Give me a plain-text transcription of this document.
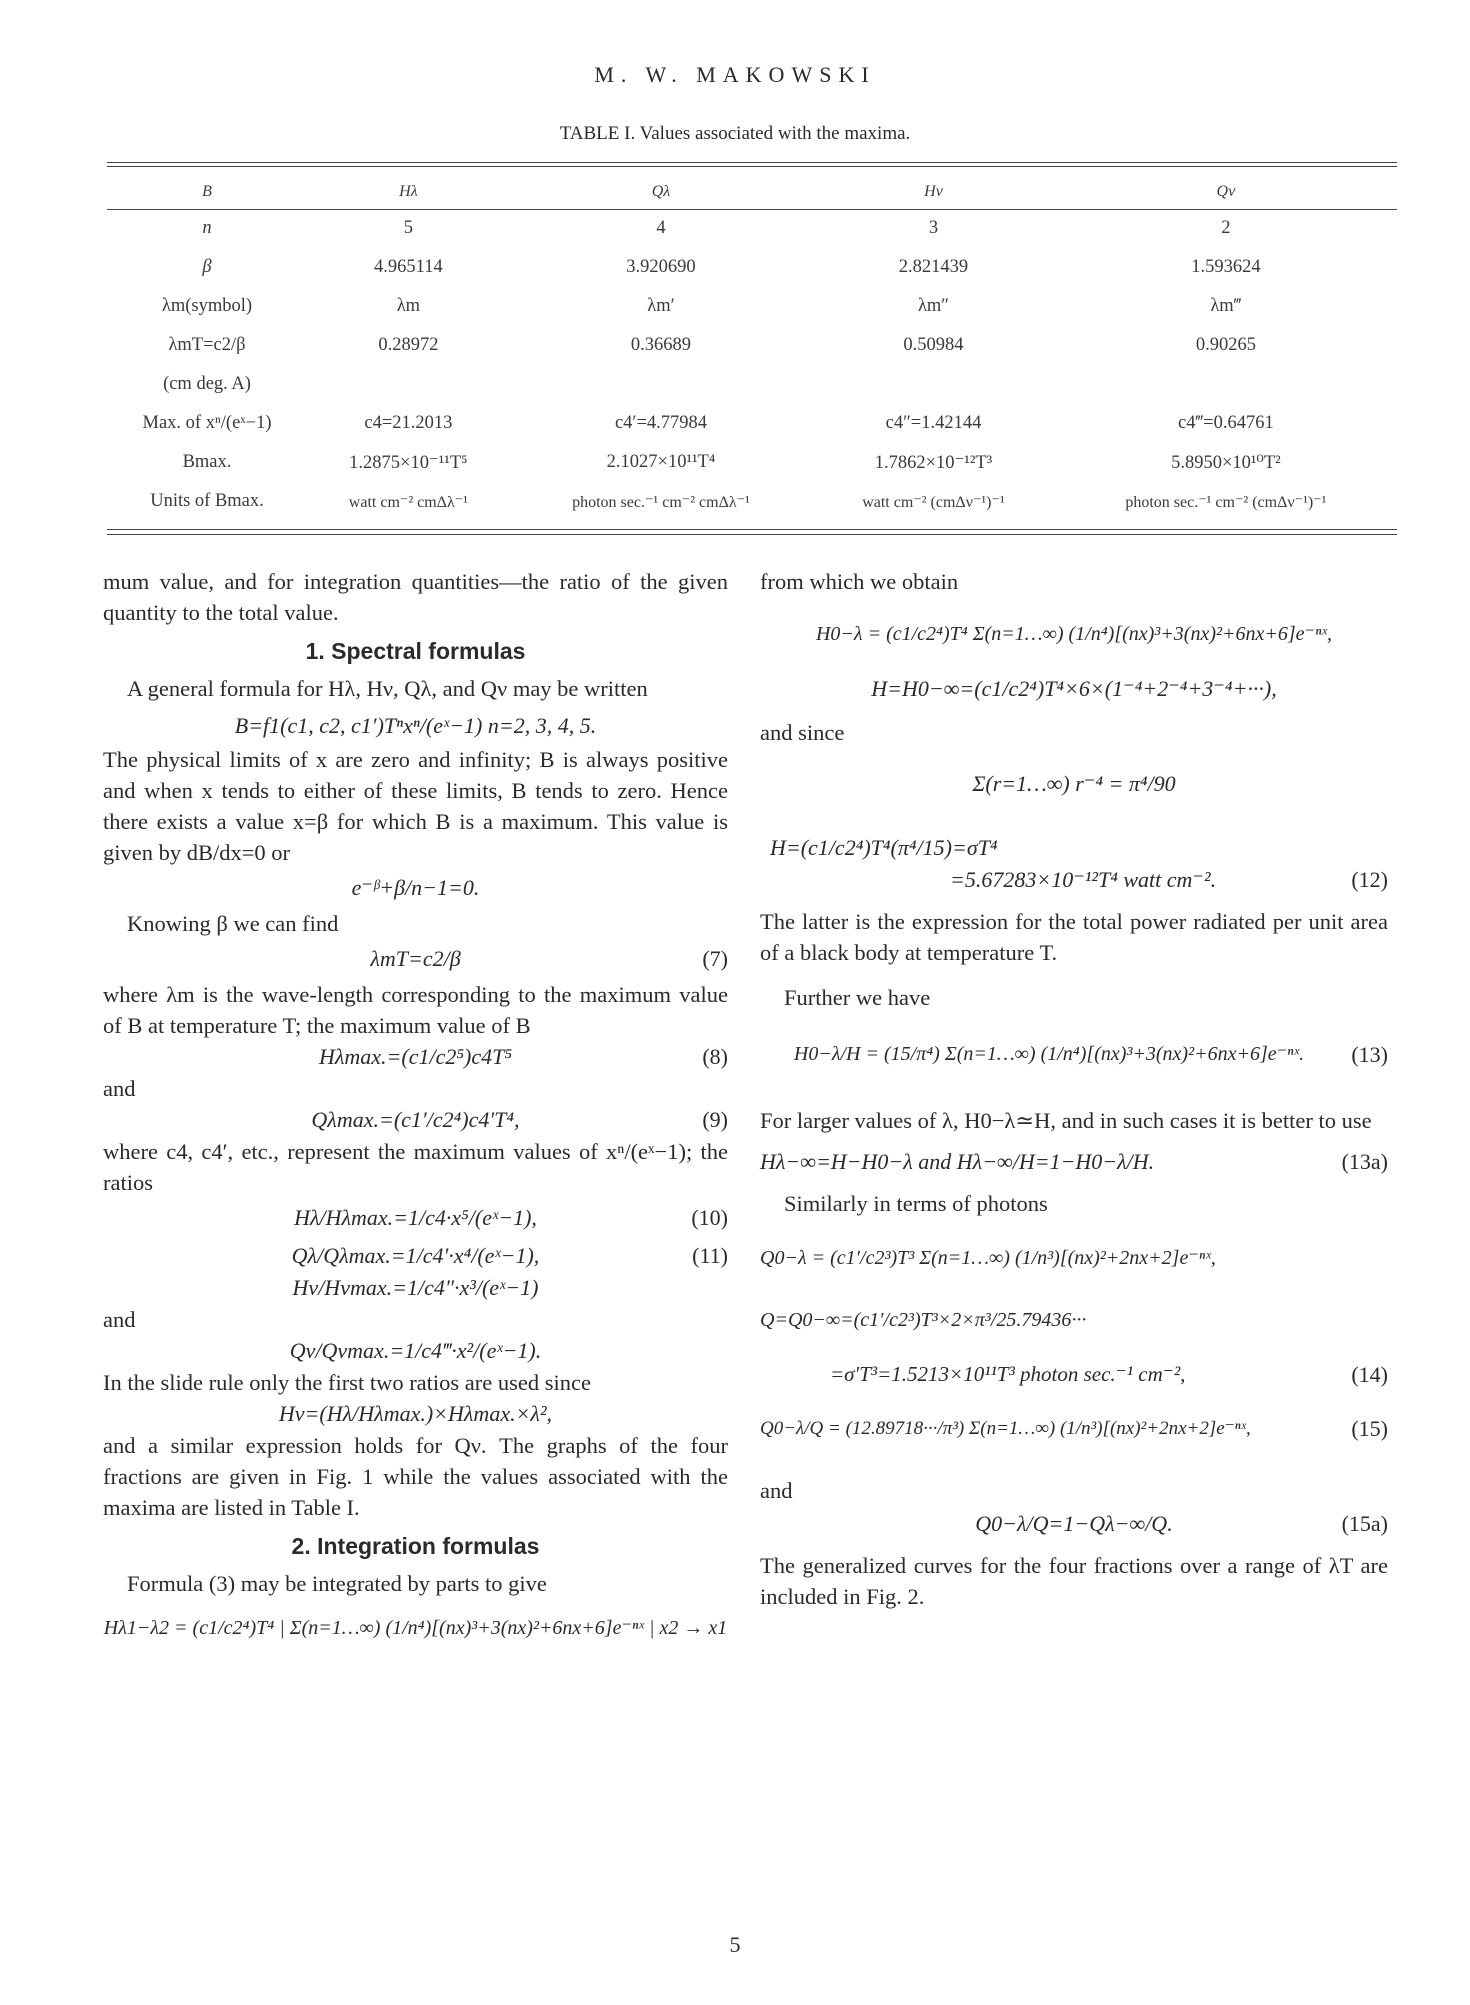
M. W. MAKOWSKI
TABLE I. Values associated with the maxima.
B	Hλ	Qλ	Hν	Qν
n	5	4	3	2
β	4.965114	3.920690	2.821439	1.593624
λm(symbol)	λm	λm′	λm″	λm‴
λmT=c2/β	0.28972	0.36689	0.50984	0.90265
(cm deg. A)				
Max. of xⁿ/(eˣ−1)	c4=21.2013	c4′=4.77984	c4″=1.42144	c4‴=0.64761
Bmax.	1.2875×10⁻¹¹T⁵	2.1027×10¹¹T⁴	1.7862×10⁻¹²T³	5.8950×10¹⁰T²
Units of Bmax.	watt cm⁻² cmΔλ⁻¹	photon sec.⁻¹ cm⁻² cmΔλ⁻¹	watt cm⁻² (cmΔν⁻¹)⁻¹	photon sec.⁻¹ cm⁻² (cmΔν⁻¹)⁻¹

mum value, and for integration quantities—the ratio of the given quantity to the total value.

1. Spectral formulas

A general formula for Hλ, Hν, Qλ, and Qν may be written

B=f1(c1, c2, c1′)Tⁿxⁿ/(eˣ−1) n=2, 3, 4, 5.

The physical limits of x are zero and infinity; B is always positive and when x tends to either of these limits, B tends to zero. Hence there exists a value x=β for which B is a maximum. This value is given by dB/dx=0 or

e⁻ᵝ+β/n−1=0.

Knowing β we can find

λmT=c2/β	(7)

where λm is the wave-length corresponding to the maximum value of B at temperature T; the maximum value of B

Hλmax.=(c1/c2⁵)c4T⁵	(8)

and

Qλmax.=(c1′/c2⁴)c4′T⁴,	(9)

where c4, c4′, etc., represent the maximum values of xⁿ/(eˣ−1); the ratios

Hλ/Hλmax.=1/c4·x⁵/(eˣ−1),	(10)
Qλ/Qλmax.=1/c4′·x⁴/(eˣ−1),	(11)
Hν/Hνmax.=1/c4″·x³/(eˣ−1)

and

Qν/Qνmax.=1/c4‴·x²/(eˣ−1).

In the slide rule only the first two ratios are used since

Hν=(Hλ/Hλmax.)×Hλmax.×λ²,

and a similar expression holds for Qν. The graphs of the four fractions are given in Fig. 1 while the values associated with the maxima are listed in Table I.

2. Integration formulas

Formula (3) may be integrated by parts to give

Hλ1−λ2 = (c1/c2⁴)T⁴ | Σ(n=1…∞) (1/n⁴)[(nx)³+3(nx)²+6nx+6]e⁻ⁿˣ | x2 → x1

from which we obtain

H0−λ = (c1/c2⁴)T⁴ Σ(n=1…∞) (1/n⁴)[(nx)³+3(nx)²+6nx+6]e⁻ⁿˣ,
H=H0−∞=(c1/c2⁴)T⁴×6×(1⁻⁴+2⁻⁴+3⁻⁴+···),

and since

Σ(r=1…∞) r⁻⁴ = π⁴/90
H=(c1/c2⁴)T⁴(π⁴/15)=σT⁴
=5.67283×10⁻¹²T⁴ watt cm⁻².	(12)

The latter is the expression for the total power radiated per unit area of a black body at temperature T.

Further we have

H0−λ/H = (15/π⁴) Σ(n=1…∞) (1/n⁴)[(nx)³+3(nx)²+6nx+6]e⁻ⁿˣ.	(13)

For larger values of λ, H0−λ≃H, and in such cases it is better to use

Hλ−∞=H−H0−λ and Hλ−∞/H=1−H0−λ/H.	(13a)

Similarly in terms of photons

Q0−λ = (c1′/c2³)T³ Σ(n=1…∞) (1/n³)[(nx)²+2nx+2]e⁻ⁿˣ,
Q=Q0−∞=(c1′/c2³)T³×2×π³/25.79436···
=σ′T³=1.5213×10¹¹T³ photon sec.⁻¹ cm⁻²,	(14)
Q0−λ/Q = (12.89718···/π³) Σ(n=1…∞) (1/n³)[(nx)²+2nx+2]e⁻ⁿˣ,	(15)

and

Q0−λ/Q=1−Qλ−∞/Q.	(15a)

The generalized curves for the four fractions over a range of λT are included in Fig. 2.

5
